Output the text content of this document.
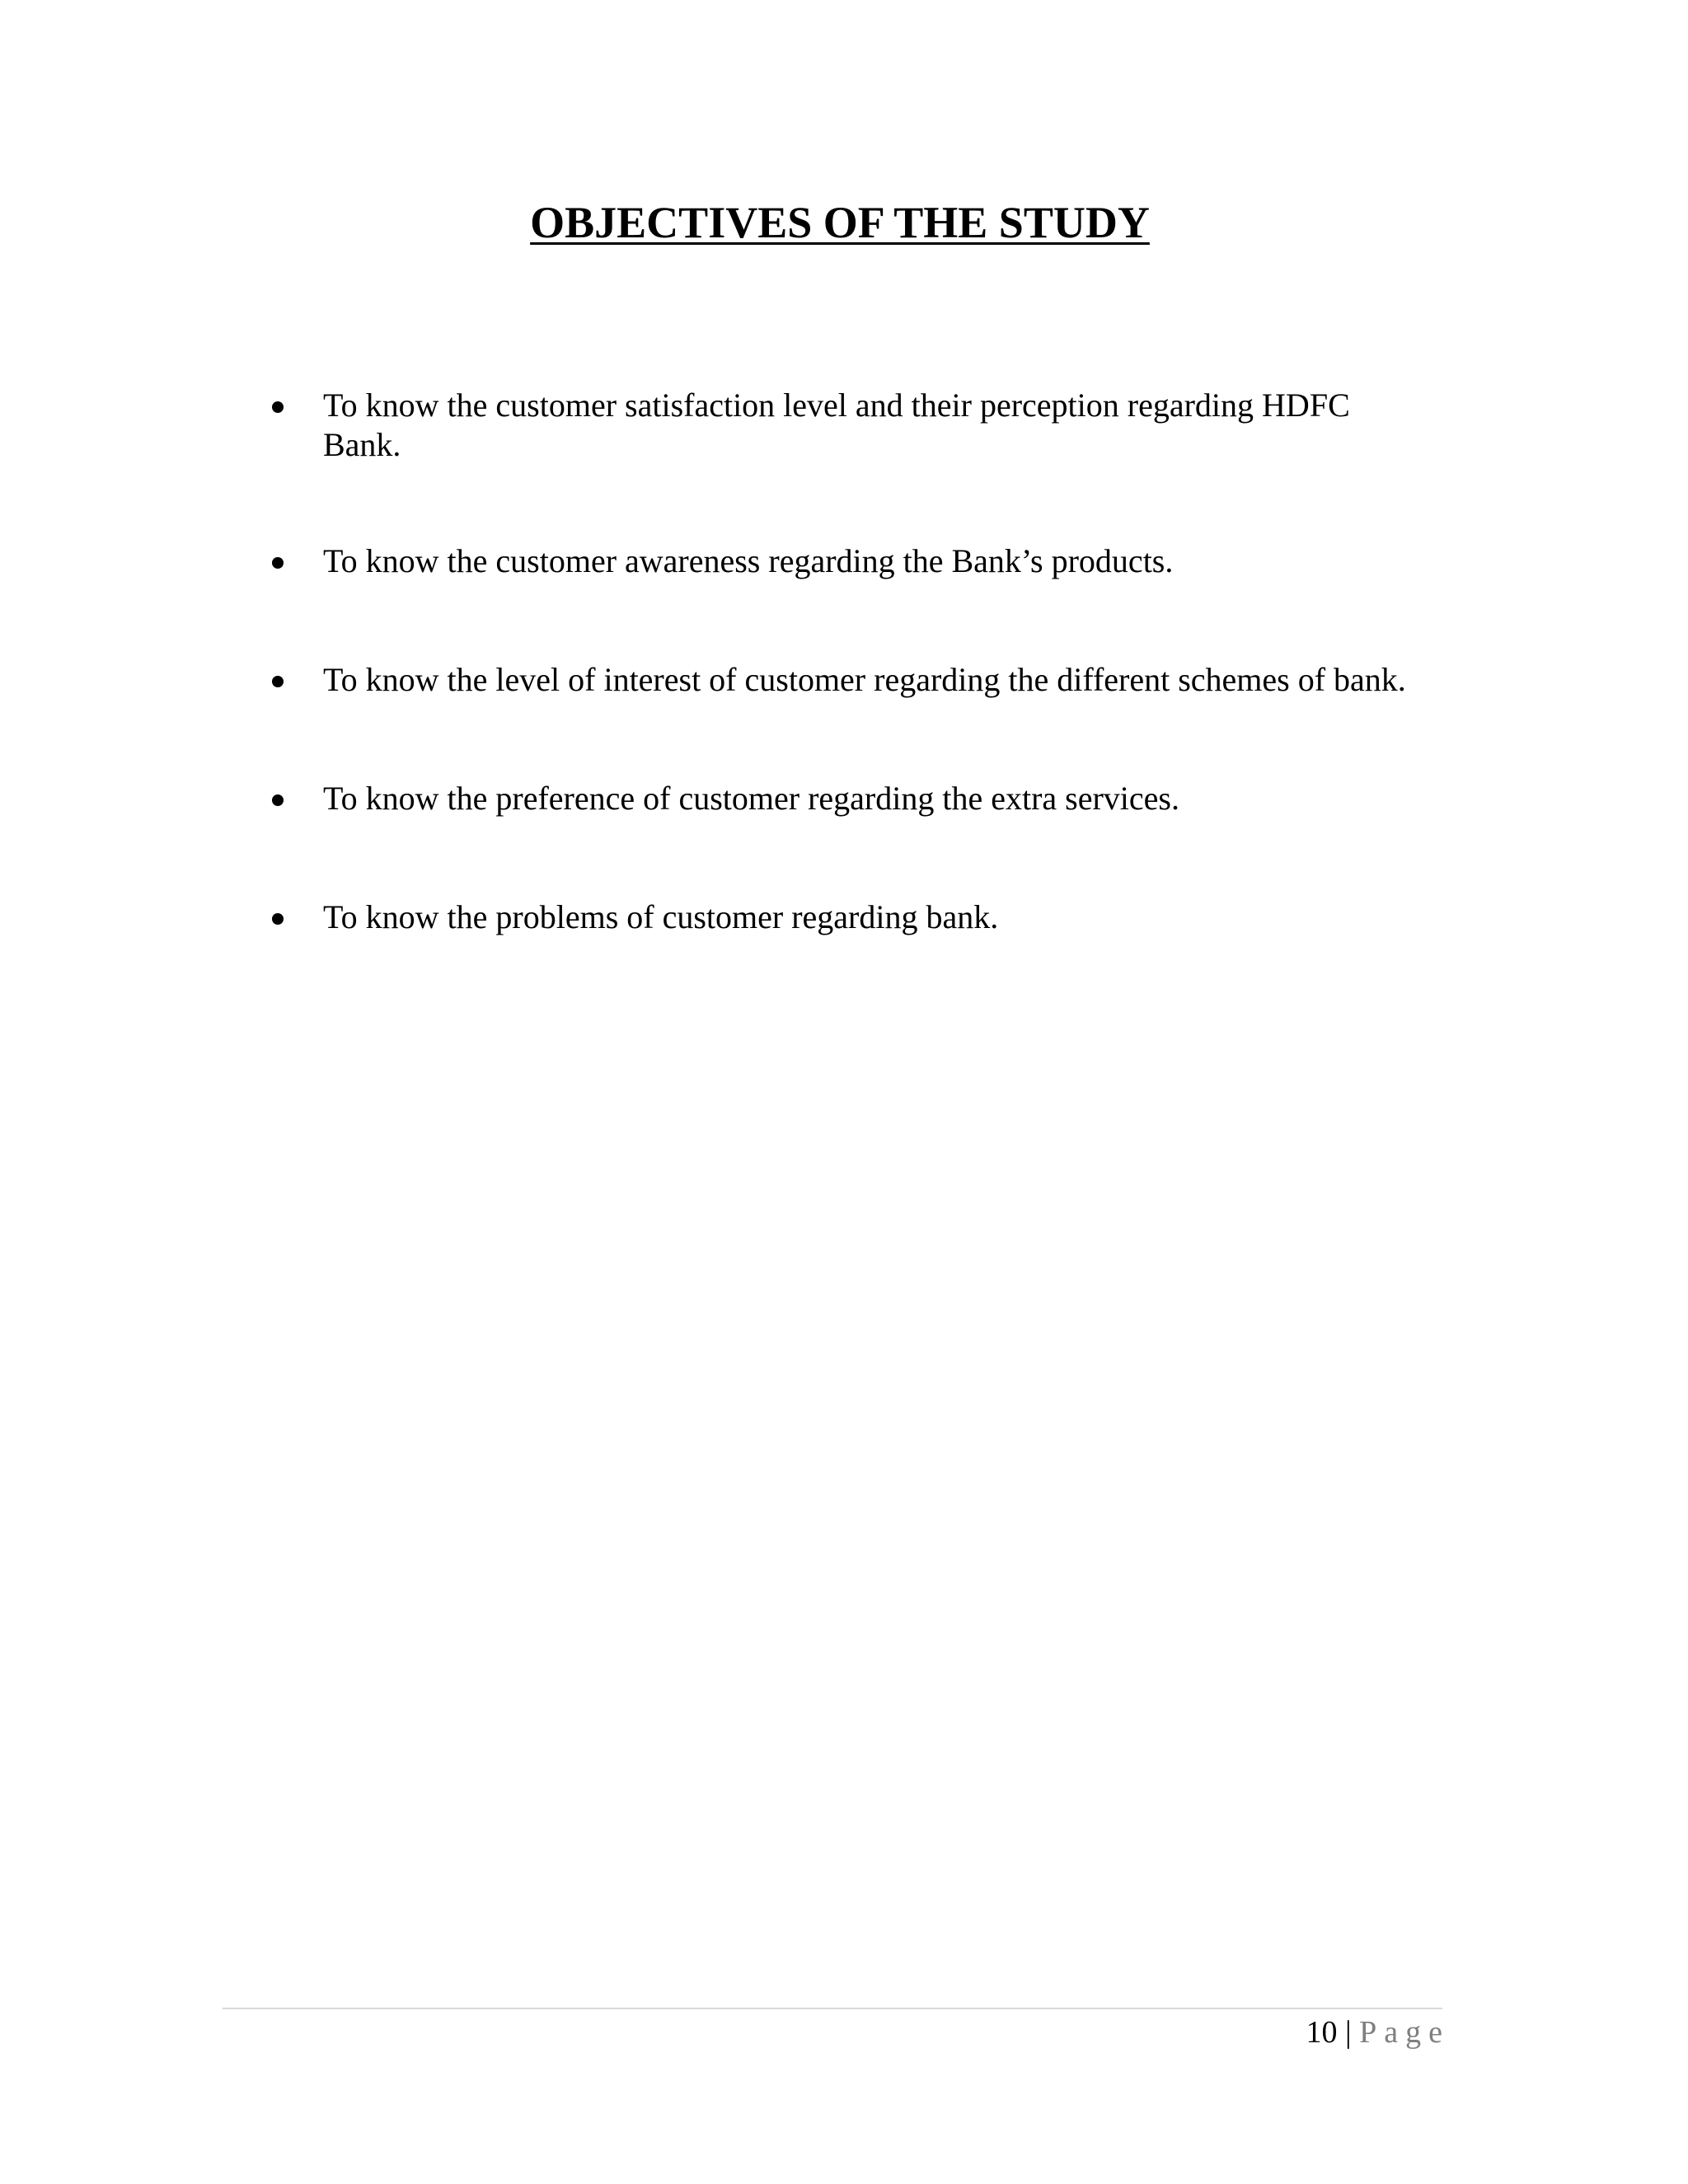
OBJECTIVES OF THE STUDY
To know the customer satisfaction level and their perception regarding HDFC Bank.
To know the customer awareness regarding the Bank’s products.
To know the level of interest of customer regarding the different schemes of bank.
To know the preference of customer regarding the extra services.
To know the problems of customer regarding bank.
10 | Page
